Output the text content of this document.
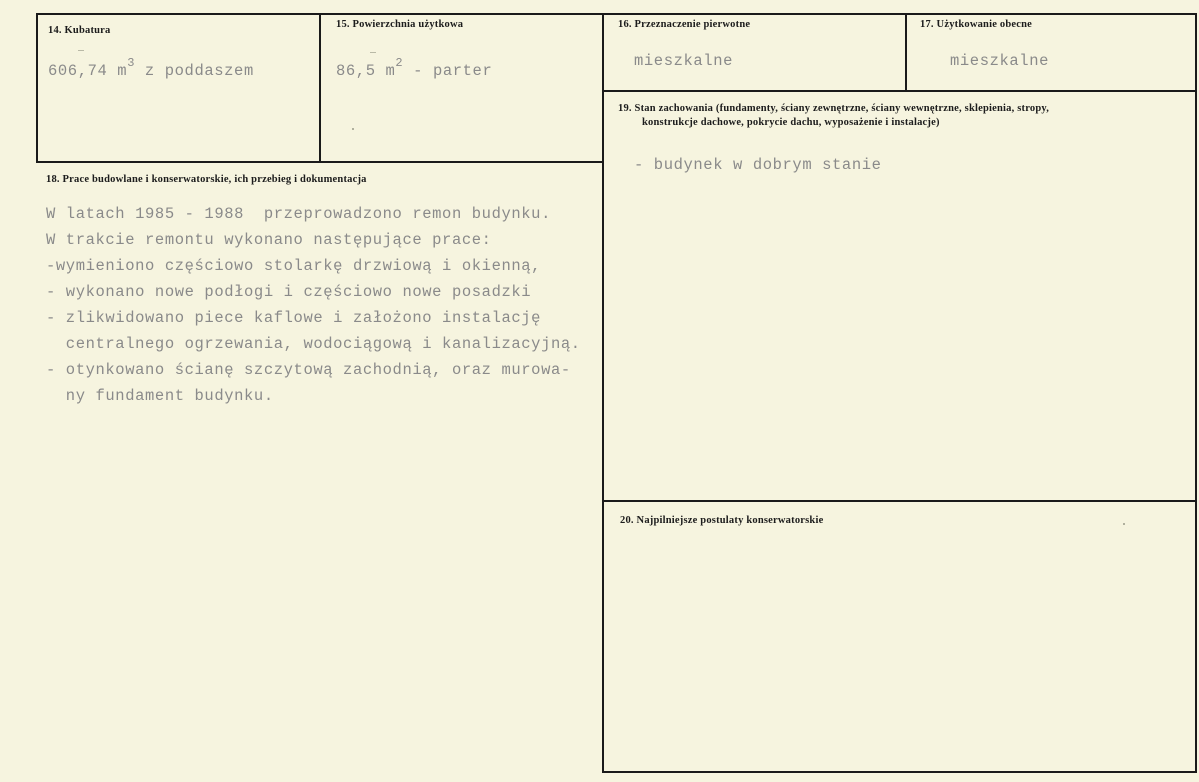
14. Kubatura
606,74 $m^3$ z poddaszem
15. Powierzchnia użytkowa
86,5 $m^2$ - parter
16. Przeznaczenie pierwotne
mieszkalne
17. Użytkowanie obecne
mieszkalne
18. Prace budowlane i konserwatorskie, ich przebieg i dokumentacja
W latach 1985 - 1988  przeprowadzono remon budynku.
W trakcie remontu wykonano następujące prace:
-wymieniono częściowo stolarkę drzwiową i okienną,
- wykonano nowe podłogi i częściowo nowe posadzki
- zlikwidowano piece kaflowe i założono instalację
centralnego ogrzewania, wodociągową i kanalizacyjną.
- otynkowano ścianę szczytową zachodnią, oraz murowa-
ny fundament budynku.
19. Stan zachowania (fundamenty, ściany zewnętrzne, ściany wewnętrzne, sklepienia, stropy,
konstrukcje dachowe, pokrycie dachu, wyposażenie i instalacje)
- budynek w dobrym stanie
20. Najpilniejsze postulaty konserwatorskie
